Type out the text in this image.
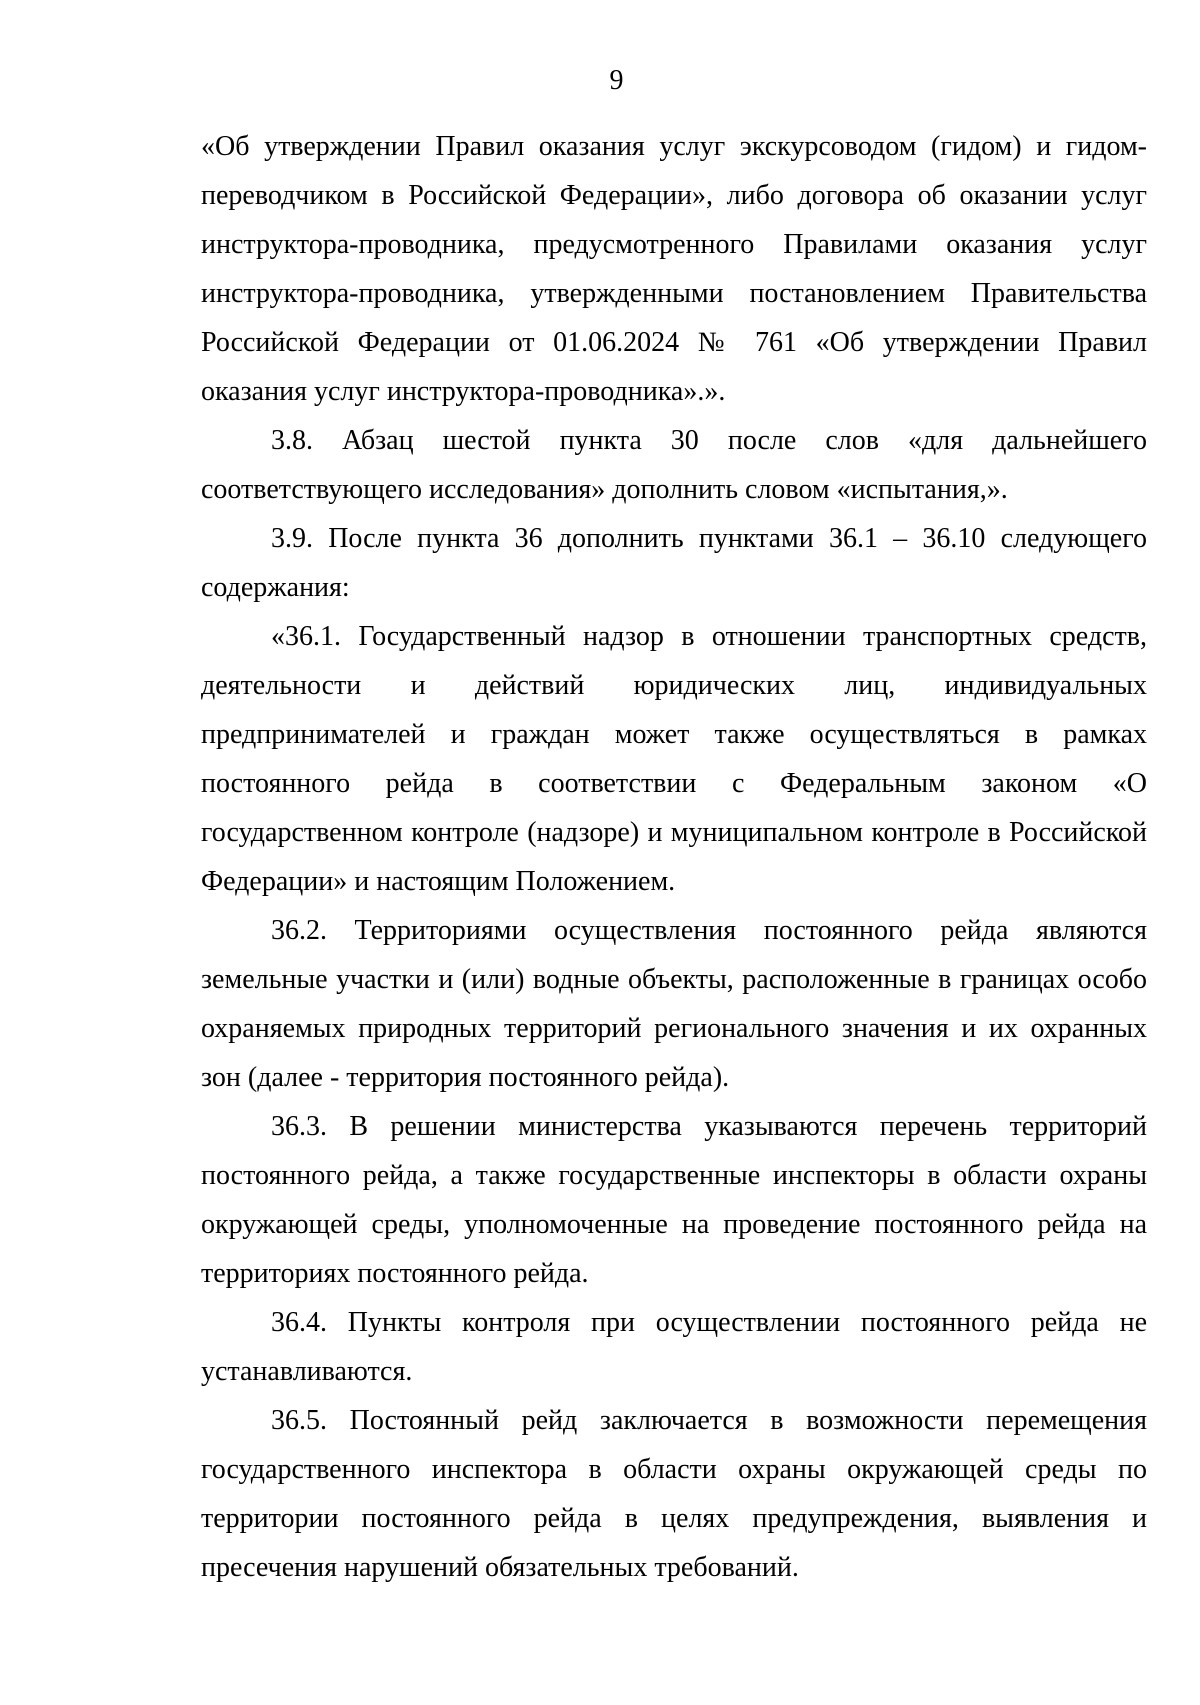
9

«Об утверждении Правил оказания услуг экскурсоводом (гидом) и гидом-переводчиком в Российской Федерации», либо договора об оказании услуг инструктора-проводника, предусмотренного Правилами оказания услуг инструктора-проводника, утвержденными постановлением Правительства Российской Федерации от 01.06.2024 № 761 «Об утверждении Правил оказания услуг инструктора-проводника».».

3.8. Абзац шестой пункта 30 после слов «для дальнейшего соответствующего исследования» дополнить словом «испытания,».

3.9. После пункта 36 дополнить пунктами 36.1 – 36.10 следующего содержания:

«36.1. Государственный надзор в отношении транспортных средств, деятельности и действий юридических лиц, индивидуальных предпринимателей и граждан может также осуществляться в рамках постоянного рейда в соответствии с Федеральным законом «О государственном контроле (надзоре) и муниципальном контроле в Российской Федерации» и настоящим Положением.

36.2. Территориями осуществления постоянного рейда являются земельные участки и (или) водные объекты, расположенные в границах особо охраняемых природных территорий регионального значения и их охранных зон (далее - территория постоянного рейда).

36.3. В решении министерства указываются перечень территорий постоянного рейда, а также государственные инспекторы в области охраны окружающей среды, уполномоченные на проведение постоянного рейда на территориях постоянного рейда.

36.4. Пункты контроля при осуществлении постоянного рейда не устанавливаются.

36.5. Постоянный рейд заключается в возможности перемещения государственного инспектора в области охраны окружающей среды по территории постоянного рейда в целях предупреждения, выявления и пресечения нарушений обязательных требований.
